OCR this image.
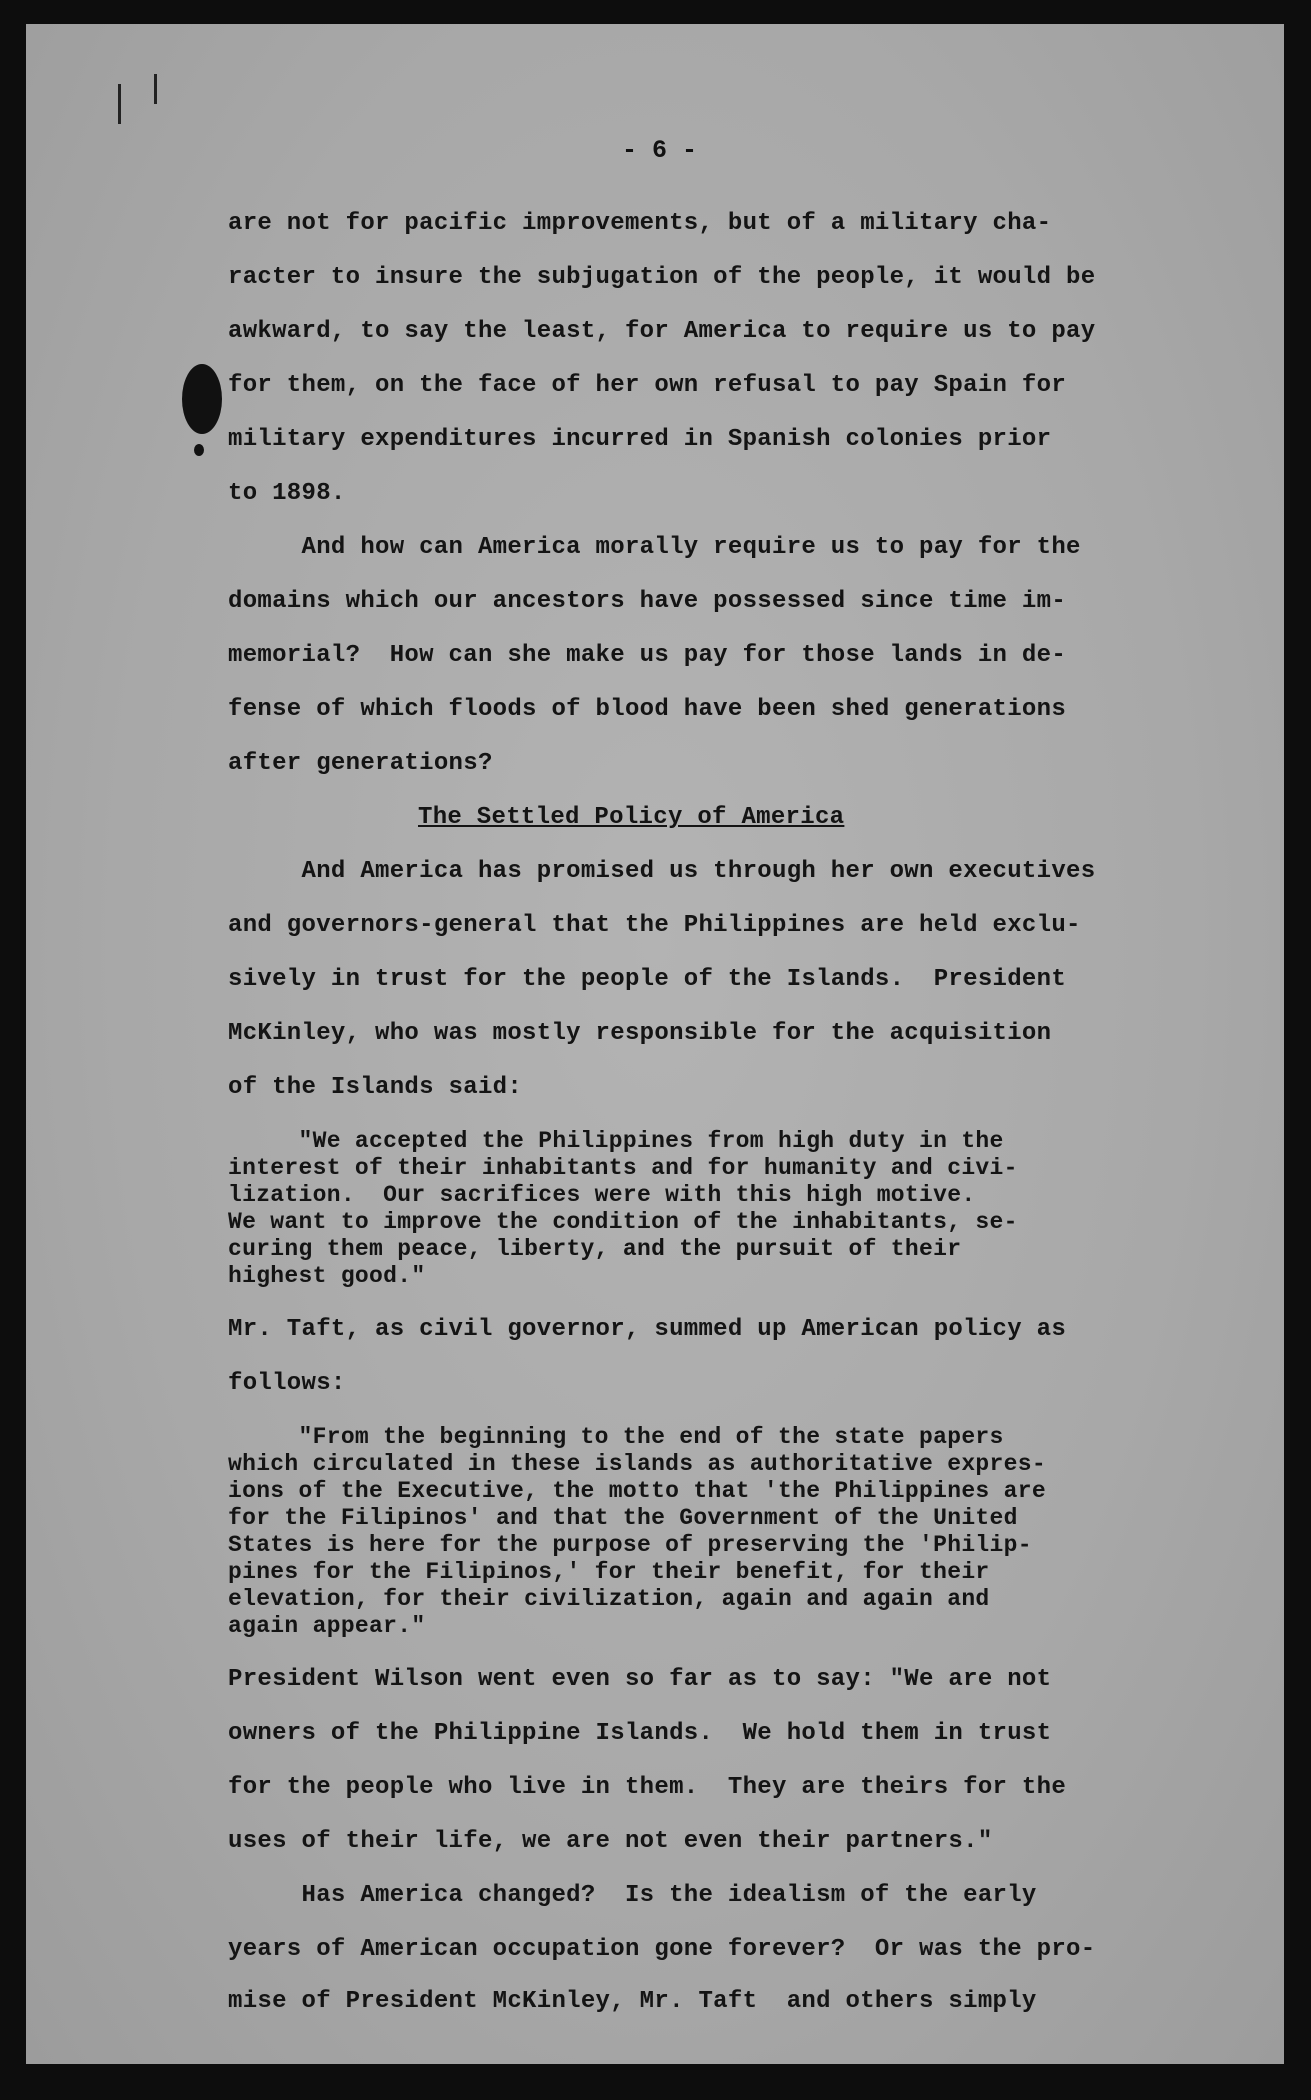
are not for pacific improvements, but of a military cha-

racter to insure the subjugation of the people, it would be

awkward, to say the least, for America to require us to pay

for them, on the face of her own refusal to pay Spain for

military expenditures incurred in Spanish colonies prior

to 1898.

And how can America morally require us to pay for the

domains which our ancestors have possessed since time im-

memorial?  How can she make us pay for those lands in de-

fense of which floods of blood have been shed generations

after generations?

The Settled Policy of America

And America has promised us through her own executives

and governors-general that the Philippines are held exclu-

sively in trust for the people of the Islands.  President

McKinley, who was mostly responsible for the acquisition

of the Islands said:

"We accepted the Philippines from high duty in the

interest of their inhabitants and for humanity and civi-

lization.  Our sacrifices were with this high motive.

We want to improve the condition of the inhabitants, se-

curing them peace, liberty, and the pursuit of their

highest good."

Mr. Taft, as civil governor, summed up American policy as

follows:

"From the beginning to the end of the state papers

which circulated in these islands as authoritative expres-

ions of the Executive, the motto that 'the Philippines are

for the Filipinos' and that the Government of the United

States is here for the purpose of preserving the 'Philip-

pines for the Filipinos,' for their benefit, for their

elevation, for their civilization, again and again and

again appear."

President Wilson went even so far as to say: "We are not

owners of the Philippine Islands.  We hold them in trust

for the people who live in them.  They are theirs for the

uses of their life, we are not even their partners."

Has America changed?  Is the idealism of the early

years of American occupation gone forever?  Or was the pro-

mise of President McKinley, Mr. Taft  and others simply

- 6 -
